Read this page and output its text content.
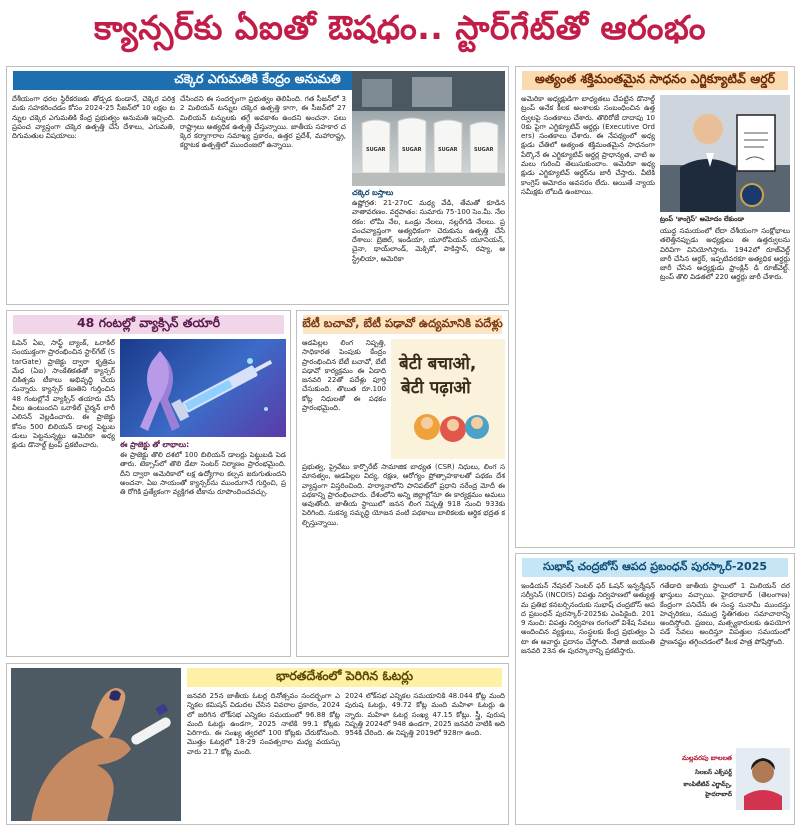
క్యాన్సర్‌కు ఏఐతో ఔషధం.. స్టార్‌గేట్‌తో ఆరంభం
చక్కెర ఎగుమతికి కేంద్రం అనుమతి
దేశీయంగా ధరల స్థిరీకరణకు తోడ్పడ కుండానే, చెక్కెర పరిశ్రమకు సహకరించడం కోసం 2024-25 సీజన్‌లో 10 లక్షల టన్నుల చక్కెర ఎగుమతికి కేంద్ర ప్రభుత్వం అనుమతి ఇచ్చింది. ప్రపంచ వ్యాప్తంగా చక్కెర ఉత్పత్తి చేసే దేశాలు, ఎగుమతి, దిగుమతుల విషయాలు:
చేసిందని ఈ సందర్భంగా ప్రభుత్వం తెలిపింది. గత సీజన్‌లో 32 మిలియన్ టన్నుల చక్కెర ఉత్పత్తి కాగా, ఈ సీజన్‌లో 27 మిలియన్ టన్నులకు తగ్గే అవకాశం ఉందని అంచనా. పలు రాష్ట్రాలు అత్యధిక ఉత్పత్తి చేస్తున్నాయి. జాతీయ సహకార చక్కెర కర్మాగారాల సమాఖ్య ప్రకారం, ఉత్తర ప్రదేశ్, మహారాష్ట్ర, కర్ణాటక ఉత్పత్తిలో ముందంజలో ఉన్నాయి.
SUGAR	SUGAR	SUGAR	SUGAR
చక్కెర బస్తాలు
ఉష్ణోగ్రత: 21-27oC మధ్య వేడి, తేమతో కూడిన వాతావరణం. వర్షపాతం: సుమారు 75-100 సెం.మీ. నేల రకం: లోమీ నేల, ఒండ్రు నేలలు, నల్లరేగడి నేలలు. ప్రపంచవ్యాప్తంగా అత్యధికంగా చెరుకును ఉత్పత్తి చేసే దేశాలు: బ్రెజిల్, ఇండియా, యూరోపియన్ యూనియన్, చైనా, థాయ్‌లాండ్, మెక్సికో, పాకిస్తాన్, రష్యా, ఆస్ట్రేలియా, అమెరికా
అత్యంత శక్తిమంతమైన సాధనం ఎగ్జిక్యూటివ్ ఆర్డర్
అమెరికా అధ్యక్షుడిగా బాధ్యతలు చేపట్టిన డొనాల్డ్ ట్రంప్ అనేక కీలక అంశాలకు సంబంధించిన ఉత్తర్వులపై సంతకాలు చేశారు. తొలిరోజే దాదాపు 100కు పైగా ఎగ్జిక్యూటివ్ ఆర్డర్లు (Executive Orders) సంతకాలు చేశారు. ఈ నేపథ్యంలో అధ్యక్షుడు చేతిలో అత్యంత శక్తిమంతమైన సాధనంగా పేర్కొనే ఈ ఎగ్జిక్యూటివ్ ఆర్డర్ల ప్రాధాన్యత, వాటి అమలు గురించి తెలుసుకుందాం. అమెరికా అధ్యక్షుడు ఎగ్జిక్యూటివ్ ఆర్డర్‌ను జారీ చేస్తారు. వీటికి కాంగ్రెస్ ఆమోదం అవసరం లేదు. అయితే న్యాయ సమీక్షకు లోబడి ఉంటాయి.
ట్రంప్ ‘కాంగ్రెస్’ ఆమోదం లేకుండా
యుద్ధ సమయంలో లేదా దేశీయంగా సంక్షోభాలు తలెత్తినప్పుడు అధ్యక్షులు ఈ ఉత్తర్వులను విరివిగా వినియోగిస్తారు. 1942లో రూజ్‌వెల్ట్ జారీ చేసిన ఆర్డర్, ఇప్పటివరకూ అత్యధిక ఆర్డర్లు జారీ చేసిన అధ్యక్షుడు ఫ్రాంక్లిన్ డి రూజ్‌వెల్ట్. ట్రంప్ తొలి విడతలో 220 ఆర్డర్లు జారీ చేశారు.
48 గంటల్లో వ్యాక్సిన్ తయారీ
ఓపెన్ ఏఐ, సాఫ్ట్ బ్యాంక్, ఒరాకిల్ సంయుక్తంగా ప్రారంభించిన స్టార్‌గేట్ (StarGate) ప్రాజెక్టు ద్వారా కృత్రిమ మేధ (ఏఐ) సాంకేతికతతో క్యాన్సర్ చికిత్సకు టీకాలు అభివృద్ధి చేయనున్నారు. క్యాన్సర్ కణతిని గుర్తించిన 48 గంటల్లోనే వ్యాక్సిన్ తయారు చేసే వీలు ఉంటుందని ఒరాకిల్ చైర్మన్ లారీ ఎలిసన్ వెల్లడించారు. ఈ ప్రాజెక్టు కోసం 500 బిలియన్ డాలర్ల పెట్టుబడులు పెట్టనున్నట్లు అమెరికా అధ్యక్షుడు డొనాల్డ్ ట్రంప్ ప్రకటించారు.	ఈ ప్రాజెక్టు తో లాభాలు:
ఈ ప్రాజెక్టు తొలి దశలో 100 బిలియన్ డాలర్లు పెట్టుబడి పెడతారు. టెక్సాస్‌లో తొలి డేటా సెంటర్ నిర్మాణం ప్రారంభమైంది. దీని ద్వారా అమెరికాలో లక్ష ఉద్యోగాల కల్పన జరుగుతుందని అంచనా. ఏఐ సాయంతో క్యాన్సర్‌ను ముందుగానే గుర్తించి, ప్రతి రోగికి ప్రత్యేకంగా వ్యక్తిగత టీకాను రూపొందించవచ్చు.
బేటీ బచావో, బేటీ పఢావో ఉద్యమానికి పదేళ్లు
ఆడపిల్లల లింగ నిష్పత్తి, సాధికారత పెంపుకు కేంద్రం ప్రారంభించిన బేటీ బచావో, బేటీ పఢావో కార్యక్రమం ఈ ఏడాది జనవరి 22తో పదేళ్లు పూర్తి చేసుకుంది. తొలుత రూ.100 కోట్ల నిధులతో ఈ పథకం ప్రారంభమైంది.
बेटी बचाओ,
बेटी पढ़ाओ
ప్రభుత్వ, ప్రైవేటు కార్పొరేట్ సామాజిక బాధ్యత (CSR) నిధులు, లింగ సమానత్వం, ఆడపిల్లల విద్య, రక్షణ, ఆరోగ్యం ప్రోత్సాహకాలతో పథకం దేశవ్యాప్తంగా విస్తరించింది. హర్యానాలోని పానిపట్‌లో ప్రధాని నరేంద్ర మోదీ ఈ పథకాన్ని ప్రారంభించారు. దేశంలోని అన్ని జిల్లాల్లోనూ ఈ కార్యక్రమం అమలు అవుతోంది. జాతీయ స్థాయిలో జనన లింగ నిష్పత్తి 918 నుంచి 933కు పెరిగింది. సుకన్య సమృద్ధి యోజన వంటి పథకాలు బాలికలకు ఆర్థిక భద్రత కల్పిస్తున్నాయి.
సుభాష్ చంద్రబోస్ ఆపద ప్రబంధన్ పురస్కార్-2025
ఇండియన్ నేషనల్ సెంటర్ ఫర్ ఓషన్ ఇన్ఫర్మేషన్ సర్వీసెస్ (INCOIS) విపత్తు నిర్వహణలో అత్యుత్తమ ప్రతిభ కనబర్చినందుకు సుభాష్ చంద్రబోస్ ఆపద ప్రబంధన్ పురస్కార్-2025కు ఎంపికైంది. 2019 నుంచి: విపత్తు నిర్వహణ రంగంలో విశేష సేవలు అందించిన వ్యక్తులు, సంస్థలకు కేంద్ర ప్రభుత్వం ఏటా ఈ అవార్డు ప్రదానం చేస్తోంది. నేతాజీ జయంతి జనవరి 23న ఈ పురస్కారాన్ని ప్రకటిస్తారు.
గతేడాది జాతీయ స్థాయిలో 1 మిలియన్ దరఖాస్తులు వచ్చాయి. హైదరాబాద్ (తెలంగాణ) కేంద్రంగా పనిచేసే ఈ సంస్థ సునామీ ముందస్తు హెచ్చరికలు, సముద్ర స్థితిగతుల సమాచారాన్ని అందిస్తోంది. ప్రజలు, మత్స్యకారులకు ఉపయోగపడే సేవలు అందిస్తూ విపత్తుల సమయంలో ప్రాణనష్టం తగ్గించడంలో కీలక పాత్ర పోషిస్తోంది.
మల్లవరపు బాలలత
సిలబస్ ఎక్స్‌పర్ట్
కాంపిటీటివ్ ఎగ్జామ్స్, హైదరాబాద్
భారతదేశంలో పెరిగిన ఓటర్లు
జనవరి 25న జాతీయ ఓటర్ల దినోత్సవం సందర్భంగా ఎన్నికల కమిషన్ విడుదల చేసిన వివరాల ప్రకారం, 2024లో జరిగిన లోక్‌సభ ఎన్నికల సమయంలో 96.88 కోట్ల మంది ఓటర్లు ఉండగా, 2025 నాటికి 99.1 కోట్లకు పెరిగారు. ఈ సంఖ్య త్వరలో 100 కోట్లకు చేరుకోనుంది. మొత్తం ఓటర్లలో 18-29 సంవత్సరాల మధ్య వయస్సు వారు 21.7 కోట్ల మంది.
2024 లోక్‌సభ ఎన్నికల సమయానికి 48.044 కోట్ల మంది పురుష ఓటర్లు, 49.72 కోట్ల మంది మహిళా ఓటర్లు ఉన్నారు. మహిళా ఓటర్ల సంఖ్య 47.15 కోట్లు. స్త్రీ, పురుష నిష్పత్తి 2024లో 948 ఉండగా, 2025 జనవరి నాటికి అది 954కి చేరింది. ఈ నిష్పత్తి 2019లో 928గా ఉంది.
